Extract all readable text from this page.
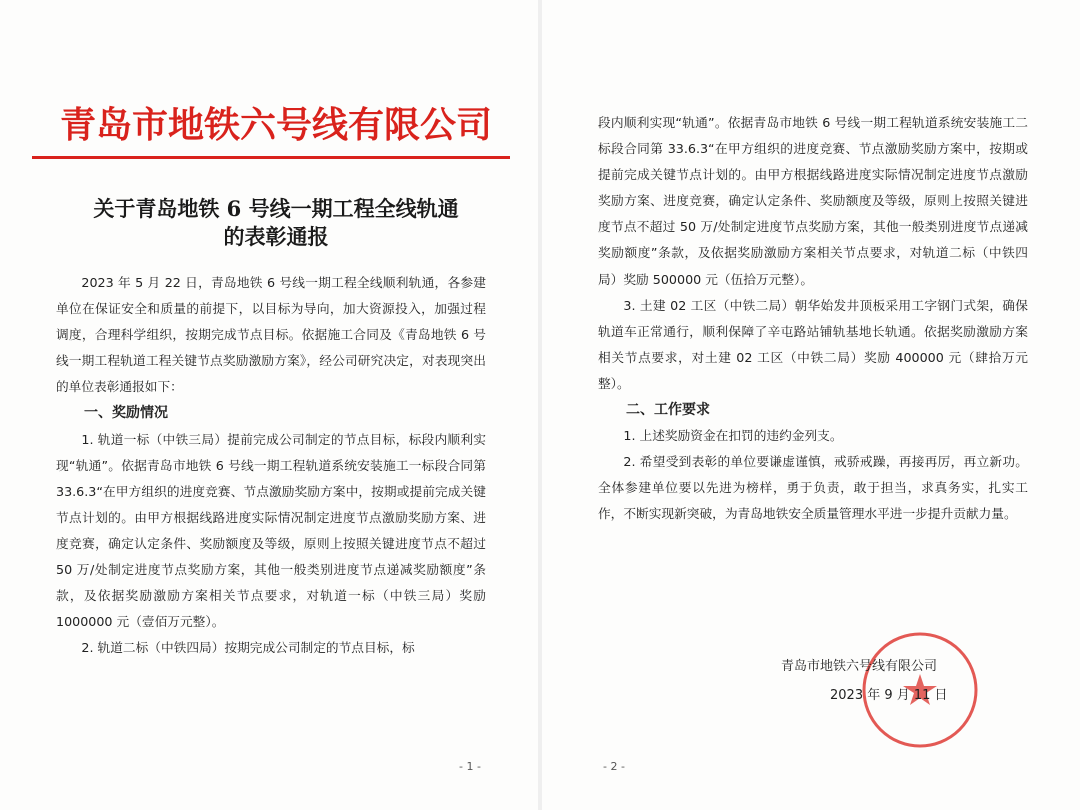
青岛市地铁六号线有限公司
关于青岛地铁 6 号线一期工程全线轨通
的表彰通报

2023 年 5 月 22 日，青岛地铁 6 号线一期工程全线顺利轨通，各参建单位在保证安全和质量的前提下，以目标为导向，加大资源投入，加强过程调度，合理科学组织，按期完成节点目标。依据施工合同及《青岛地铁 6 号线一期工程轨道工程关键节点奖励激励方案》，经公司研究决定，对表现突出的单位表彰通报如下：

一、奖励情况

1. 轨道一标（中铁三局）提前完成公司制定的节点目标，标段内顺利实现“轨通”。依据青岛市地铁 6 号线一期工程轨道系统安装施工一标段合同第 33.6.3“在甲方组织的进度竞赛、节点激励奖励方案中，按期或提前完成关键节点计划的。由甲方根据线路进度实际情况制定进度节点激励奖励方案、进度竞赛，确定认定条件、奖励额度及等级，原则上按照关键进度节点不超过 50 万/处制定进度节点奖励方案，其他一般类别进度节点递减奖励额度”条款，及依据奖励激励方案相关节点要求，对轨道一标（中铁三局）奖励 1000000 元（壹佰万元整）。

2. 轨道二标（中铁四局）按期完成公司制定的节点目标，标

- 1 -	- 2 -

段内顺利实现“轨通”。依据青岛市地铁 6 号线一期工程轨道系统安装施工二标段合同第 33.6.3“在甲方组织的进度竞赛、节点激励奖励方案中，按期或提前完成关键节点计划的。由甲方根据线路进度实际情况制定进度节点激励奖励方案、进度竞赛，确定认定条件、奖励额度及等级，原则上按照关键进度节点不超过 50 万/处制定进度节点奖励方案，其他一般类别进度节点递减奖励额度”条款，及依据奖励激励方案相关节点要求，对轨道二标（中铁四局）奖励 500000 元（伍拾万元整）。

3. 土建 02 工区（中铁二局）朝华始发井顶板采用工字钢门式架，确保轨道车正常通行，顺利保障了辛屯路站铺轨基地长轨通。依据奖励激励方案相关节点要求，对土建 02 工区（中铁二局）奖励 400000 元（肆拾万元整）。

二、工作要求

1. 上述奖励资金在扣罚的违约金列支。

2. 希望受到表彰的单位要谦虚谨慎，戒骄戒躁，再接再厉，再立新功。全体参建单位要以先进为榜样，勇于负责，敢于担当，求真务实，扎实工作，不断实现新突破，为青岛地铁安全质量管理水平进一步提升贡献力量。

青岛市地铁六号线有限公司
2023 年 9 月 11 日
